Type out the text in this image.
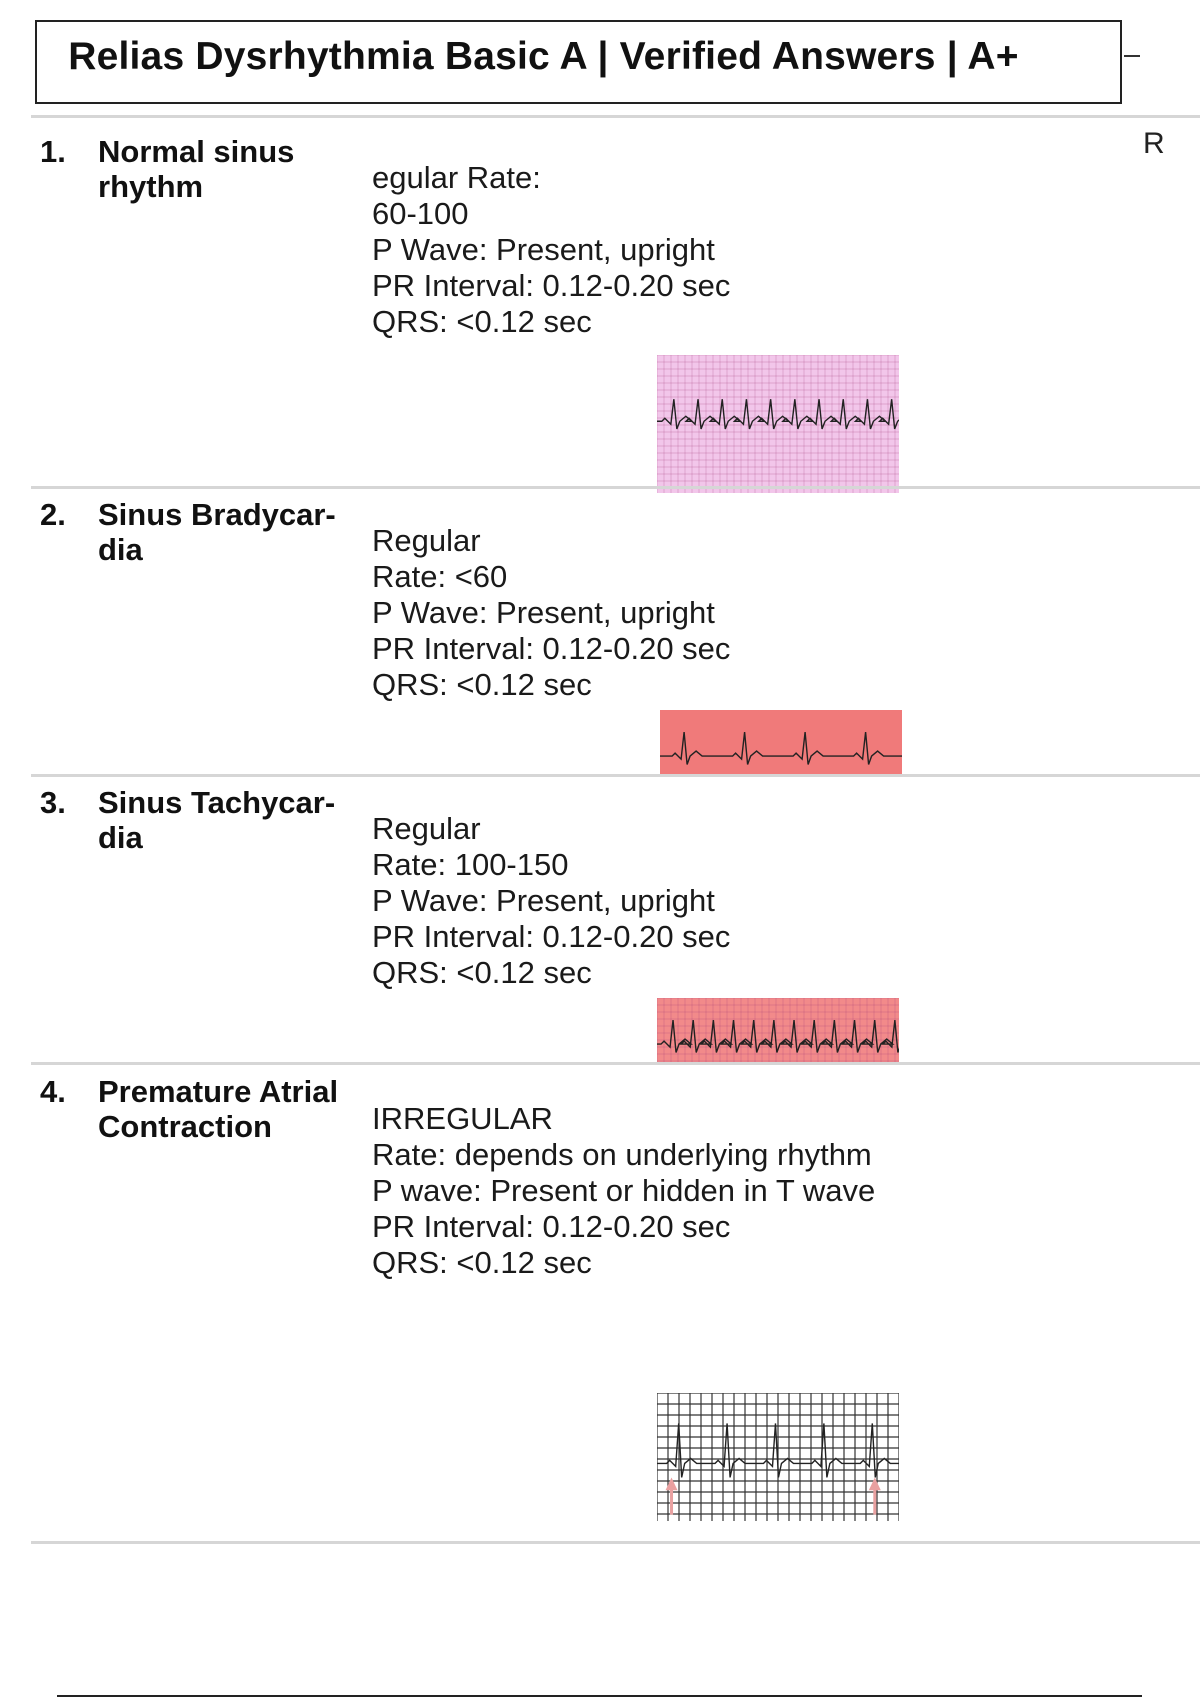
Relias Dysrhythmia Basic A | Verified Answers | A+
R
1. Normal sinus
rhythm	egular Rate:
60-100
P Wave: Present, upright
PR Interval: 0.12-0.20 sec
QRS: <0.12 sec
2. Sinus Bradycar-
dia	Regular
Rate: <60
P Wave: Present, upright
PR Interval: 0.12-0.20 sec
QRS: <0.12 sec
3. Sinus Tachycar-
dia	Regular
Rate: 100-150
P Wave: Present, upright
PR Interval: 0.12-0.20 sec
QRS: <0.12 sec
4. Premature Atrial
Contraction	IRREGULAR
Rate: depends on underlying rhythm
P wave: Present or hidden in T wave
PR Interval: 0.12-0.20 sec
QRS: <0.12 sec
